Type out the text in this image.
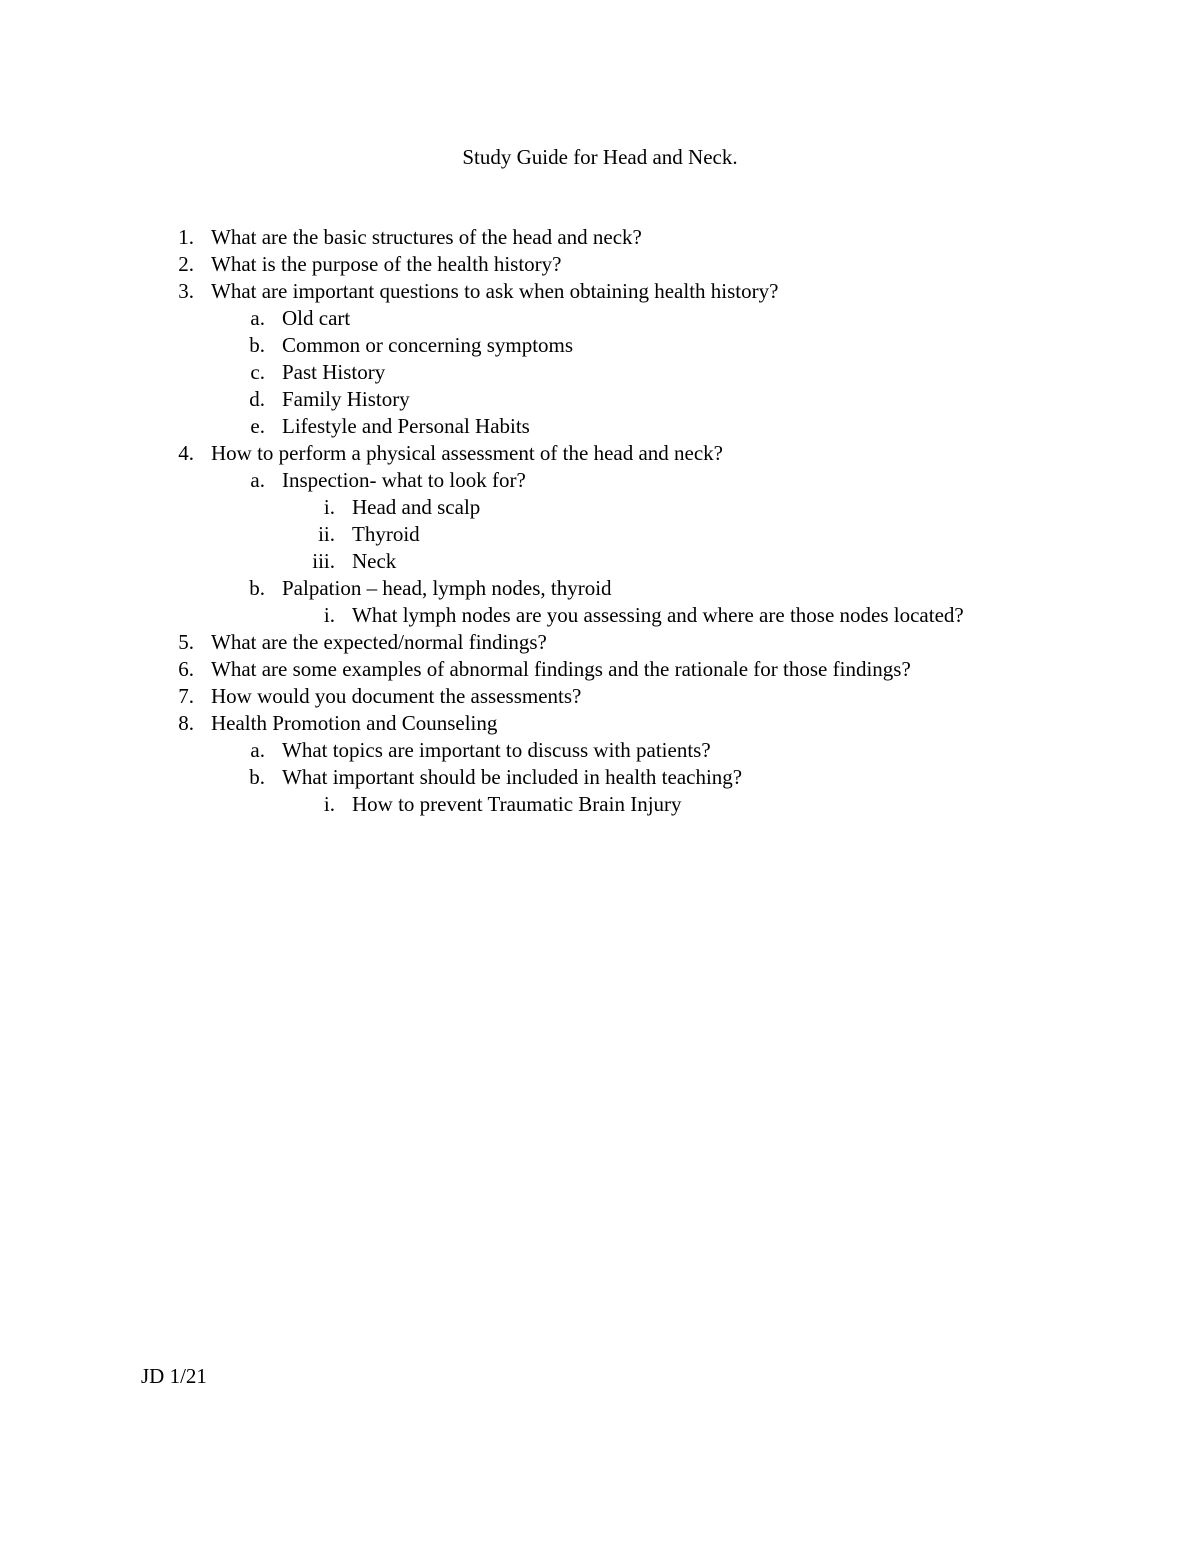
Study Guide for Head and Neck.
1. What are the basic structures of the head and neck?
2. What is the purpose of the health history?
3. What are important questions to ask when obtaining health history?
a. Old cart
b. Common or concerning symptoms
c. Past History
d. Family History
e. Lifestyle and Personal Habits
4. How to perform a physical assessment of the head and neck?
a. Inspection- what to look for?
i. Head and scalp
ii. Thyroid
iii. Neck
b. Palpation – head, lymph nodes, thyroid
i. What lymph nodes are you assessing and where are those nodes located?
5. What are the expected/normal findings?
6. What are some examples of abnormal findings and the rationale for those findings?
7. How would you document the assessments?
8. Health Promotion and Counseling
a. What topics are important to discuss with patients?
b. What important should be included in health teaching?
i. How to prevent Traumatic Brain Injury
JD 1/21
